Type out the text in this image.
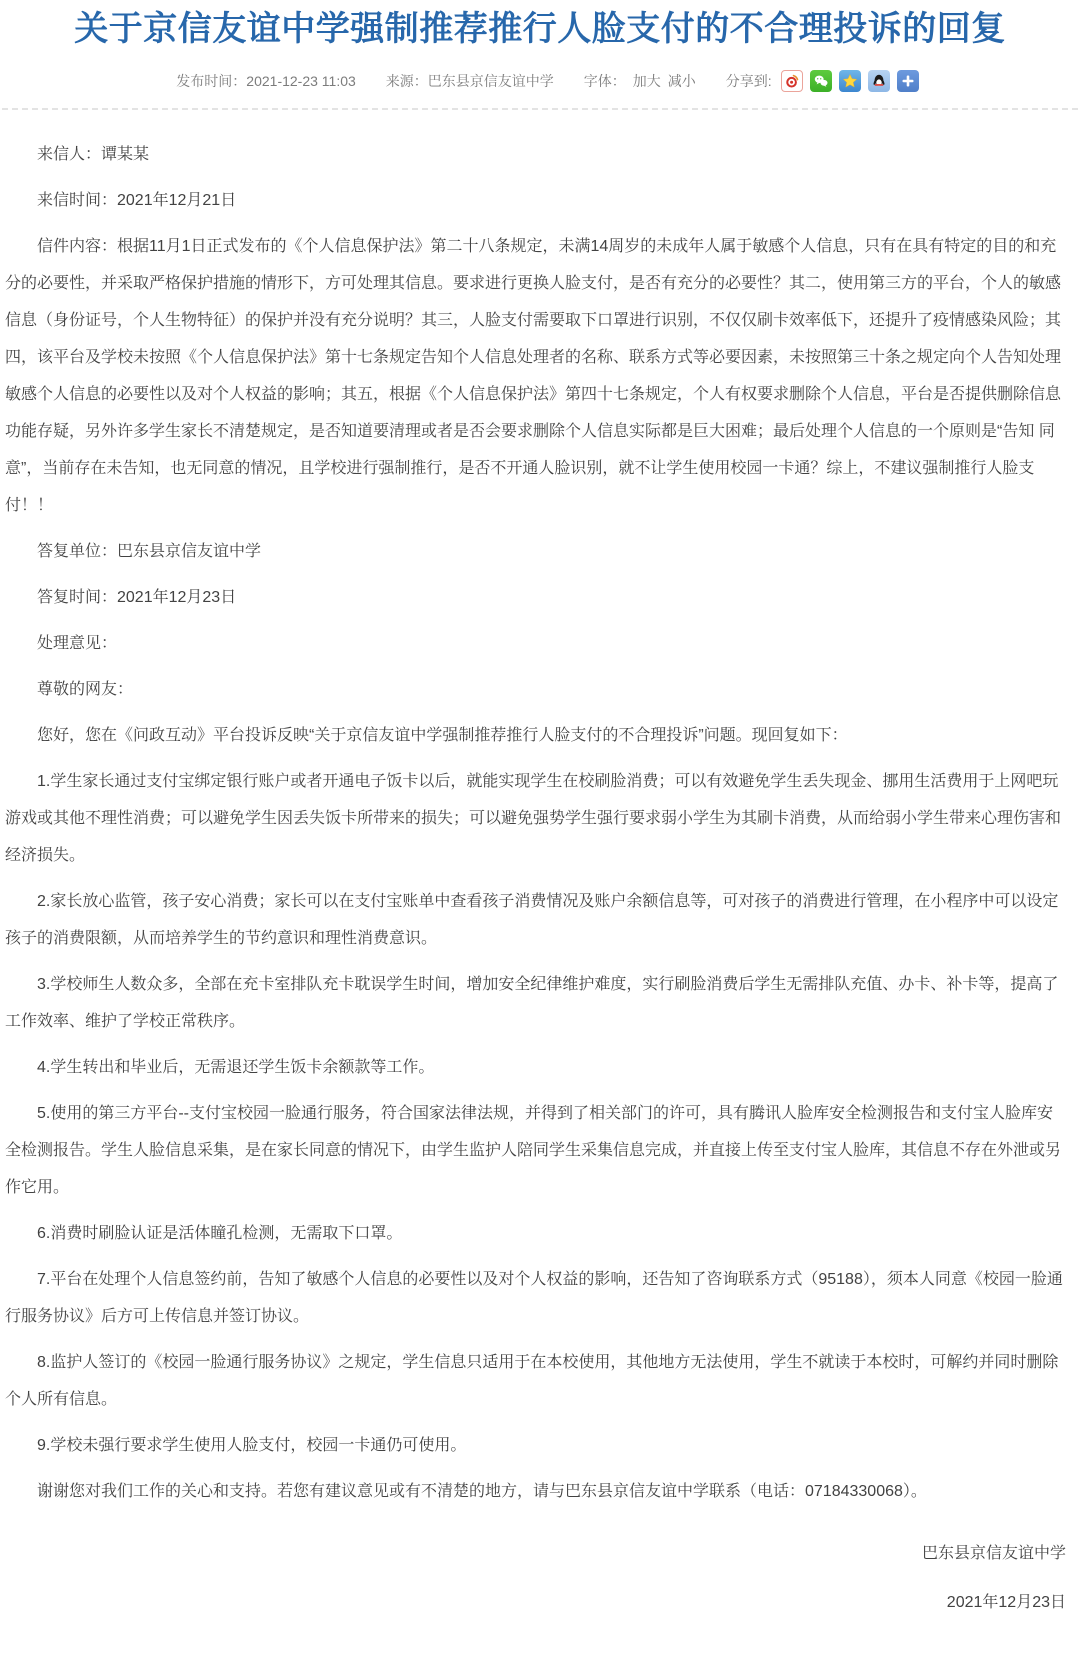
关于京信友谊中学强制推荐推行人脸支付的不合理投诉的回复
发布时间：2021-12-23 11:03 来源：巴东县京信友谊中学 字体： 加大 减小 分享到:

来信人：谭某某

来信时间：2021年12月21日

信件内容：根据11月1日正式发布的《个人信息保护法》第二十八条规定，未满14周岁的未成年人属于敏感个人信息，只有在具有特定的目的和充分的必要性，并采取严格保护措施的情形下，方可处理其信息。要求进行更换人脸支付，是否有充分的必要性？其二，使用第三方的平台，个人的敏感信息（身份证号，个人生物特征）的保护并没有充分说明？其三，人脸支付需要取下口罩进行识别，不仅仅刷卡效率低下，还提升了疫情感染风险；其四，该平台及学校未按照《个人信息保护法》第十七条规定告知个人信息处理者的名称、联系方式等必要因素，未按照第三十条之规定向个人告知处理敏感个人信息的必要性以及对个人权益的影响；其五，根据《个人信息保护法》第四十七条规定，个人有权要求删除个人信息，平台是否提供删除信息功能存疑，另外许多学生家长不清楚规定，是否知道要清理或者是否会要求删除个人信息实际都是巨大困难；最后处理个人信息的一个原则是“告知 同意”，当前存在未告知，也无同意的情况，且学校进行强制推行，是否不开通人脸识别，就不让学生使用校园一卡通？综上，不建议强制推行人脸支付！！

答复单位：巴东县京信友谊中学

答复时间：2021年12月23日

处理意见：

尊敬的网友：

您好，您在《问政互动》平台投诉反映“关于京信友谊中学强制推荐推行人脸支付的不合理投诉”问题。现回复如下：

1.学生家长通过支付宝绑定银行账户或者开通电子饭卡以后，就能实现学生在校刷脸消费；可以有效避免学生丢失现金、挪用生活费用于上网吧玩游戏或其他不理性消费；可以避免学生因丢失饭卡所带来的损失；可以避免强势学生强行要求弱小学生为其刷卡消费，从而给弱小学生带来心理伤害和经济损失。

2.家长放心监管，孩子安心消费；家长可以在支付宝账单中查看孩子消费情况及账户余额信息等，可对孩子的消费进行管理，在小程序中可以设定孩子的消费限额，从而培养学生的节约意识和理性消费意识。

3.学校师生人数众多，全部在充卡室排队充卡耽误学生时间，增加安全纪律维护难度，实行刷脸消费后学生无需排队充值、办卡、补卡等，提高了工作效率、维护了学校正常秩序。

4.学生转出和毕业后，无需退还学生饭卡余额款等工作。

5.使用的第三方平台--支付宝校园一脸通行服务，符合国家法律法规，并得到了相关部门的许可，具有腾讯人脸库安全检测报告和支付宝人脸库安全检测报告。学生人脸信息采集，是在家长同意的情况下，由学生监护人陪同学生采集信息完成，并直接上传至支付宝人脸库，其信息不存在外泄或另作它用。

6.消费时刷脸认证是活体瞳孔检测，无需取下口罩。

7.平台在处理个人信息签约前，告知了敏感个人信息的必要性以及对个人权益的影响，还告知了咨询联系方式（95188），须本人同意《校园一脸通行服务协议》后方可上传信息并签订协议。

8.监护人签订的《校园一脸通行服务协议》之规定，学生信息只适用于在本校使用，其他地方无法使用，学生不就读于本校时，可解约并同时删除个人所有信息。

9.学校未强行要求学生使用人脸支付，校园一卡通仍可使用。

谢谢您对我们工作的关心和支持。若您有建议意见或有不清楚的地方，请与巴东县京信友谊中学联系（电话：07184330068）。

巴东县京信友谊中学

2021年12月23日
